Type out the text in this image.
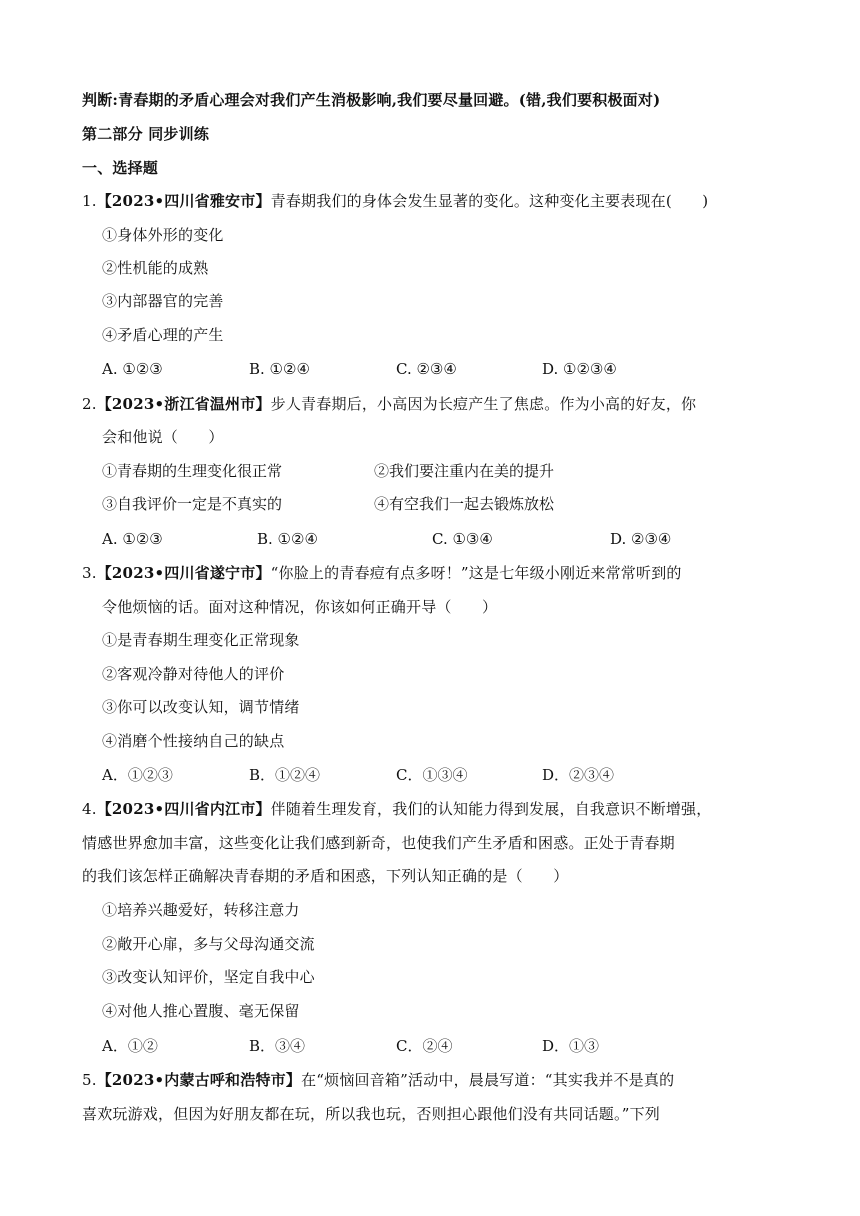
判断:青春期的矛盾心理会对我们产生消极影响,我们要尽量回避。(错,我们要积极面对)
第二部分 同步训练
一、选择题
1.【2023•四川省雅安市】青春期我们的身体会发生显著的变化。这种变化主要表现在(　　)
①身体外形的变化
②性机能的成熟
③内部器官的完善
④矛盾心理的产生
A. ①②③	B. ①②④	C. ②③④	D. ①②③④
2.【2023•浙江省温州市】步人青春期后，小高因为长痘产生了焦虑。作为小高的好友，你
会和他说（　　）
①青春期的生理变化很正常	②我们要注重内在美的提升
③自我评价一定是不真实的	④有空我们一起去锻炼放松
A. ①②③	B. ①②④	C. ①③④	D. ②③④
3.【2023•四川省遂宁市】“你脸上的青春痘有点多呀！”这是七年级小刚近来常常听到的
令他烦恼的话。面对这种情况，你该如何正确开导（　　）
①是青春期生理变化正常现象
②客观冷静对待他人的评价
③你可以改变认知，调节情绪
④消磨个性接纳自己的缺点
A．①②③	B．①②④	C．①③④	D．②③④
4.【2023•四川省内江市】伴随着生理发育，我们的认知能力得到发展，自我意识不断增强，
情感世界愈加丰富，这些变化让我们感到新奇，也使我们产生矛盾和困惑。正处于青春期
的我们该怎样正确解决青春期的矛盾和困惑，下列认知正确的是（　　）
①培养兴趣爱好，转移注意力
②敞开心扉，多与父母沟通交流
③改变认知评价，坚定自我中心
④对他人推心置腹、毫无保留
A．①②	B．③④	C．②④	D．①③
5.【2023•内蒙古呼和浩特市】在“烦恼回音箱”活动中，晨晨写道：“其实我并不是真的
喜欢玩游戏，但因为好朋友都在玩，所以我也玩，否则担心跟他们没有共同话题。”下列
